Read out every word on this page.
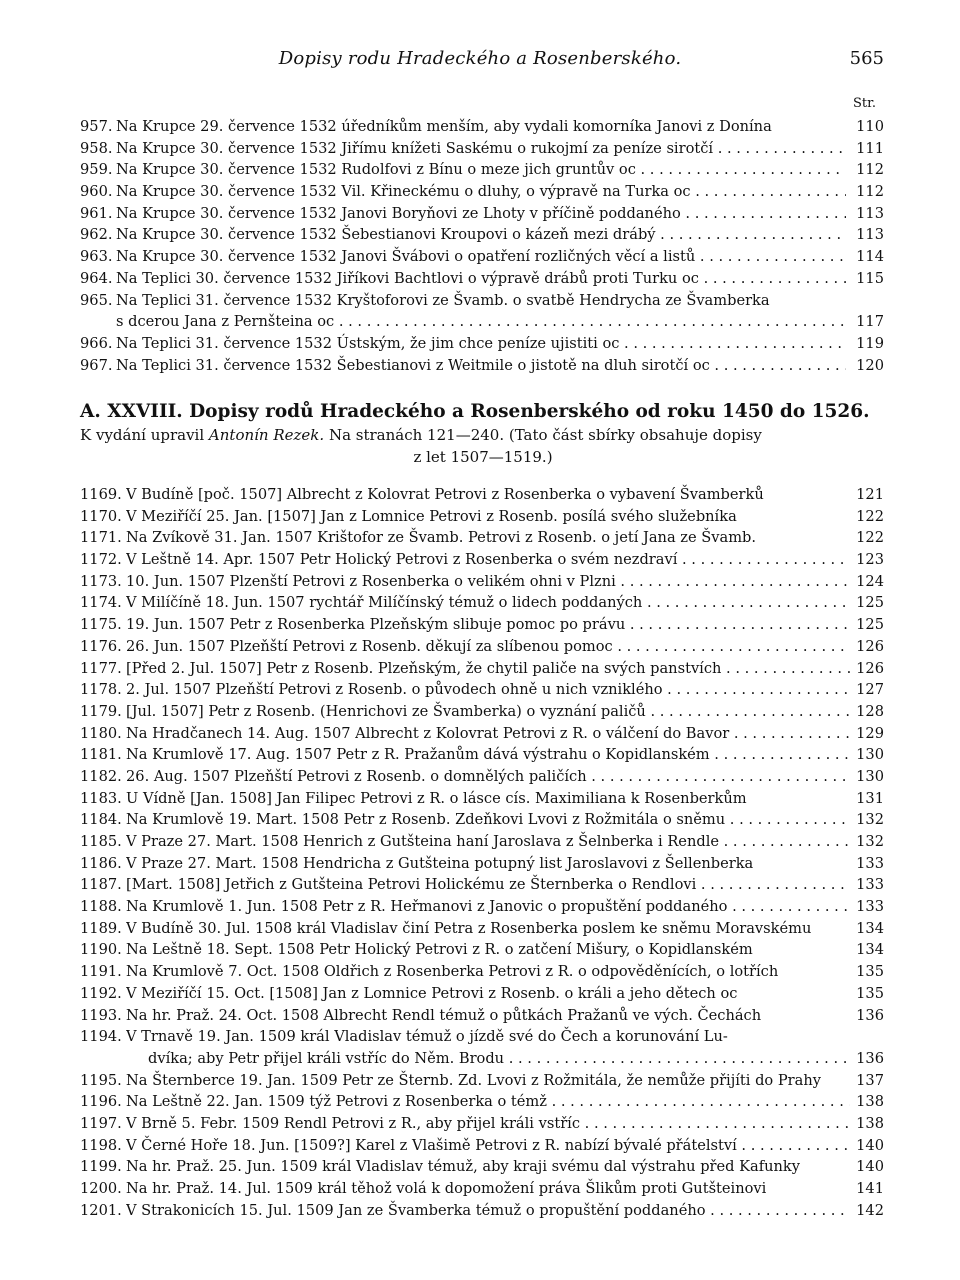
Dopisy rodu Hradeckého a Rosenberského.	565
Str.
957. Na Krupce 29. července 1532 úředníkům menším, aby vydali komorníka Janovi z Donína	110
958. Na Krupce 30. července 1532 Jiřímu knížeti Saskému o rukojmí za peníze sirotčí . . .	111
959. Na Krupce 30. července 1532 Rudolfovi z Bínu o meze jich gruntův oc . . .	112
960. Na Krupce 30. července 1532 Vil. Křineckému o dluhy, o výpravě na Turka oc . . .	112
961. Na Krupce 30. července 1532 Janovi Boryňovi ze Lhoty v příčině poddaného . . .	113
962. Na Krupce 30. července 1532 Šebestianovi Kroupovi o kázeň mezi drábý . . .	113
963. Na Krupce 30. července 1532 Janovi Švábovi o opatření rozličných věcí a listů . . .	114
964. Na Teplici 30. července 1532 Jiříkovi Bachtlovi o výpravě drábů proti Turku oc . . .	115
965. Na Teplici 31. července 1532 Kryštoforovi ze Švamb. o svatbě Hendrycha ze Švamberka
s dcerou Jana z Pernšteina oc . . .	117
966. Na Teplici 31. července 1532 Ústským, že jim chce peníze ujistiti oc . . .	119
967. Na Teplici 31. července 1532 Šebestianovi z Weitmile o jistotě na dluh sirotčí oc . . .	120
A. XXVIII. Dopisy rodů Hradeckého a Rosenberského od roku 1450 do 1526.
K vydání upravil Antonín Rezek. Na stranách 121—240. (Tato část sbírky obsahuje dopisy
z let 1507—1519.)
1169. V Budíně [poč. 1507] Albrecht z Kolovrat Petrovi z Rosenberka o vybavení Švamberků	121
1170. V Meziříčí 25. Jan. [1507] Jan z Lomnice Petrovi z Rosenb. posílá svého služebníka	122
1171. Na Zvíkově 31. Jan. 1507 Krištofor ze Švamb. Petrovi z Rosenb. o jetí Jana ze Švamb.	122
1172. V Leštně 14. Apr. 1507 Petr Holický Petrovi z Rosenberka o svém nezdraví . . .	123
1173. 10. Jun. 1507 Plzenští Petrovi z Rosenberka o velikém ohni v Plzni . . .	124
1174. V Milíčíně 18. Jun. 1507 rychtář Milíčínský témuž o lidech poddaných . . .	125
1175. 19. Jun. 1507 Petr z Rosenberka Plzeňským slibuje pomoc po právu . . .	125
1176. 26. Jun. 1507 Plzeňští Petrovi z Rosenb. děkují za slíbenou pomoc . . .	126
1177. [Před 2. Jul. 1507] Petr z Rosenb. Plzeňským, že chytil paliče na svých panstvích . . .	126
1178. 2. Jul. 1507 Plzeňští Petrovi z Rosenb. o původech ohně u nich vzniklého . . .	127
1179. [Jul. 1507] Petr z Rosenb. (Henrichovi ze Švamberka) o vyznání paličů . . .	128
1180. Na Hradčanech 14. Aug. 1507 Albrecht z Kolovrat Petrovi z R. o válčení do Bavor . . .	129
1181. Na Krumlově 17. Aug. 1507 Petr z R. Pražanům dává výstrahu o Kopidlanském . . .	130
1182. 26. Aug. 1507 Plzeňští Petrovi z Rosenb. o domnělých paličích . . .	130
1183. U Vídně [Jan. 1508] Jan Filipec Petrovi z R. o lásce cís. Maximiliana k Rosenberkům	131
1184. Na Krumlově 19. Mart. 1508 Petr z Rosenb. Zdeňkovi Lvovi z Rožmitála o sněmu . . .	132
1185. V Praze 27. Mart. 1508 Henrich z Gutšteina haní Jaroslava z Šelnberka i Rendle . . .	132
1186. V Praze 27. Mart. 1508 Hendricha z Gutšteina potupný list Jaroslavovi z Šellenberka	133
1187. [Mart. 1508] Jetřich z Gutšteina Petrovi Holickému ze Šternberka o Rendlovi . . .	133
1188. Na Krumlově 1. Jun. 1508 Petr z R. Heřmanovi z Janovic o propuštění poddaného . . .	133
1189. V Budíně 30. Jul. 1508 král Vladislav činí Petra z Rosenberka poslem ke sněmu Moravskému	134
1190. Na Leštně 18. Sept. 1508 Petr Holický Petrovi z R. o zatčení Mišury, o Kopidlanském	134
1191. Na Krumlově 7. Oct. 1508 Oldřich z Rosenberka Petrovi z R. o odpověděnících, o lotřích	135
1192. V Meziříčí 15. Oct. [1508] Jan z Lomnice Petrovi z Rosenb. o králi a jeho dětech oc	135
1193. Na hr. Praž. 24. Oct. 1508 Albrecht Rendl témuž o půtkách Pražanů ve vých. Čechách	136
1194. V Trnavě 19. Jan. 1509 král Vladislav témuž o jízdě své do Čech a korunování Lu-
dvíka; aby Petr přijel králi vstříc do Něm. Brodu . . .	136
1195. Na Šternberce 19. Jan. 1509 Petr ze Šternb. Zd. Lvovi z Rožmitála, že nemůže přijíti do Prahy	137
1196. Na Leštně 22. Jan. 1509 týž Petrovi z Rosenberka o témž . . .	138
1197. V Brně 5. Febr. 1509 Rendl Petrovi z R., aby přijel králi vstříc . . .	138
1198. V Černé Hoře 18. Jun. [1509?] Karel z Vlašimě Petrovi z R. nabízí bývalé přátelství . . .	140
1199. Na hr. Praž. 25. Jun. 1509 král Vladislav témuž, aby kraji svému dal výstrahu před Kafunky	140
1200. Na hr. Praž. 14. Jul. 1509 král těhož volá k dopomožení práva Šlikům proti Gutšteinovi	141
1201. V Strakonicích 15. Jul. 1509 Jan ze Švamberka témuž o propuštění poddaného . . .	142
